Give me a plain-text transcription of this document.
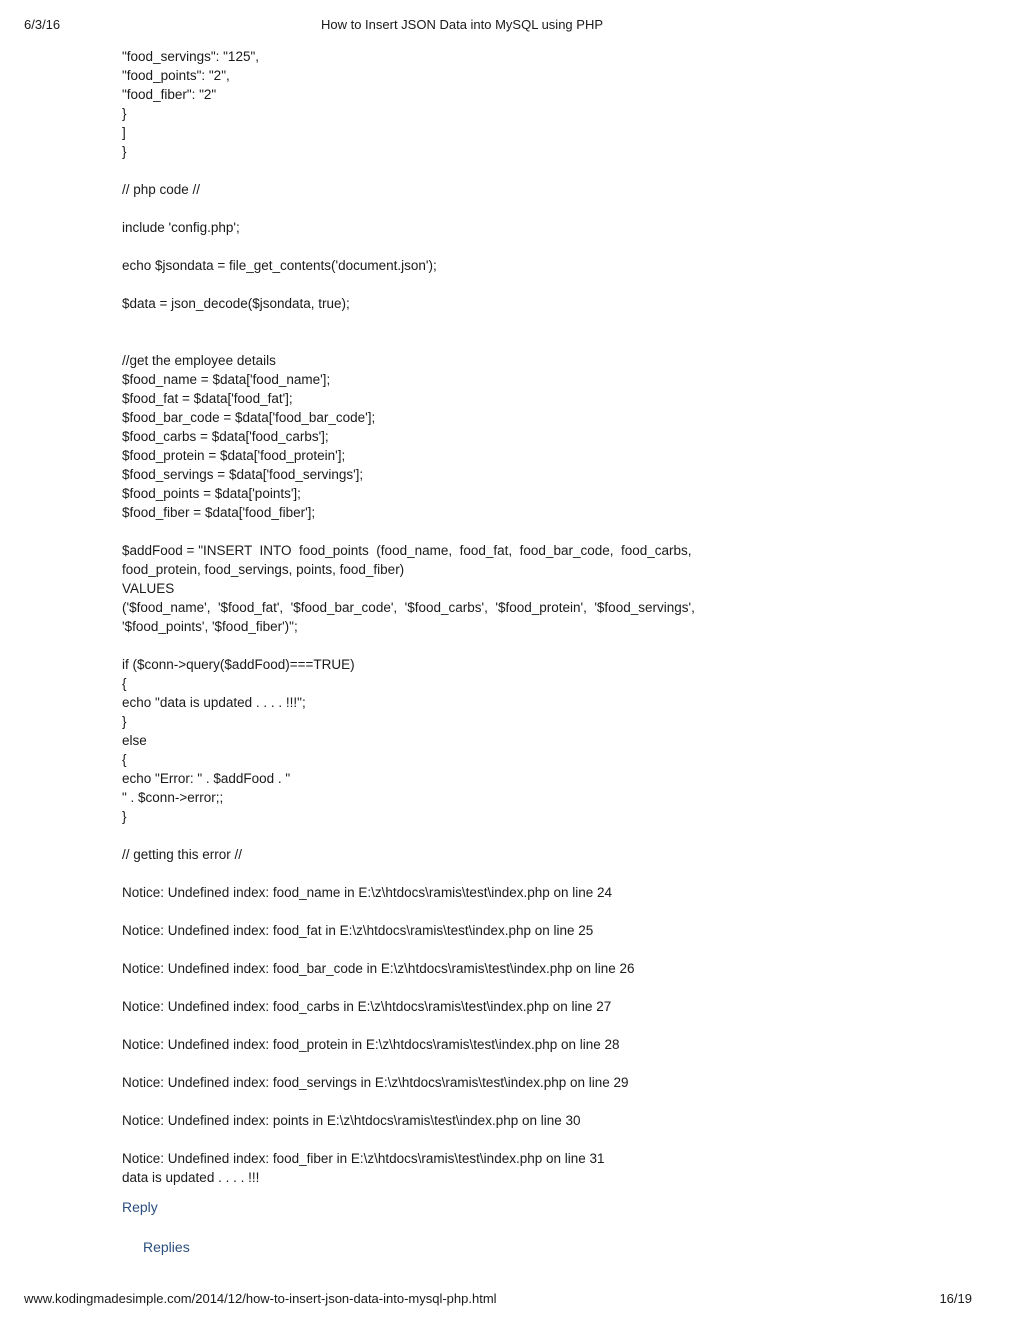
6/3/16	How to Insert JSON Data into MySQL using PHP
"food_servings": "125",
"food_points": "2",
"food_fiber": "2"
}
]
}
// php code //
include 'config.php';
echo $jsondata = file_get_contents('document.json');
$data = json_decode($jsondata, true);
//get the employee details
$food_name = $data['food_name'];
$food_fat = $data['food_fat'];
$food_bar_code = $data['food_bar_code'];
$food_carbs = $data['food_carbs'];
$food_protein = $data['food_protein'];
$food_servings = $data['food_servings'];
$food_points = $data['points'];
$food_fiber = $data['food_fiber'];
$addFood = "INSERT  INTO  food_points  (food_name,  food_fat,  food_bar_code,  food_carbs,
food_protein, food_servings, points, food_fiber)
VALUES
('$food_name',  '$food_fat',  '$food_bar_code',  '$food_carbs',  '$food_protein',  '$food_servings',
'$food_points', '$food_fiber')";
if ($conn->query($addFood)===TRUE)
{
echo "data is updated . . . . !!!";
}
else
{
echo "Error: " . $addFood . "
" . $conn->error;;
}
// getting this error //
Notice: Undefined index: food_name in E:\z\htdocs\ramis\test\index.php on line 24
Notice: Undefined index: food_fat in E:\z\htdocs\ramis\test\index.php on line 25
Notice: Undefined index: food_bar_code in E:\z\htdocs\ramis\test\index.php on line 26
Notice: Undefined index: food_carbs in E:\z\htdocs\ramis\test\index.php on line 27
Notice: Undefined index: food_protein in E:\z\htdocs\ramis\test\index.php on line 28
Notice: Undefined index: food_servings in E:\z\htdocs\ramis\test\index.php on line 29
Notice: Undefined index: points in E:\z\htdocs\ramis\test\index.php on line 30
Notice: Undefined index: food_fiber in E:\z\htdocs\ramis\test\index.php on line 31
data is updated . . . . !!!
Reply
Replies
www.kodingmadesimple.com/2014/12/how-to-insert-json-data-into-mysql-php.html	16/19
